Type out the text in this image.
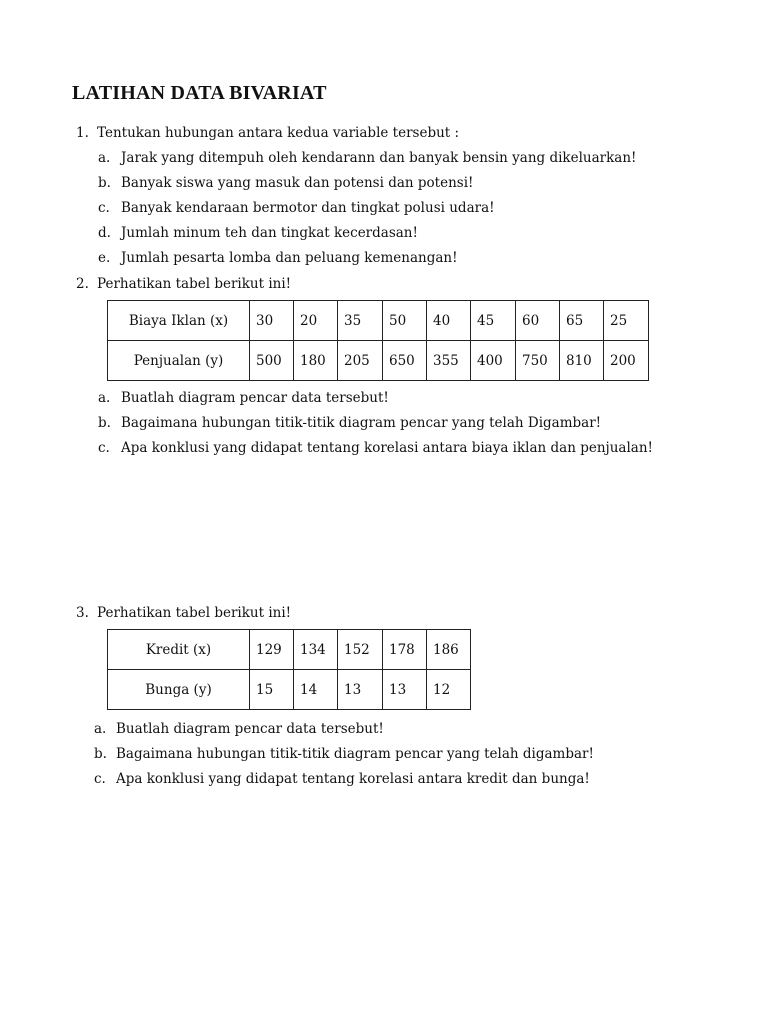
LATIHAN DATA BIVARIAT
1. Tentukan hubungan antara kedua variable tersebut :
a. Jarak yang ditempuh oleh kendarann dan banyak bensin yang dikeluarkan!
b. Banyak siswa yang masuk dan potensi dan potensi!
c. Banyak kendaraan bermotor dan tingkat polusi udara!
d. Jumlah minum teh dan tingkat kecerdasan!
e. Jumlah pesarta lomba dan peluang kemenangan!
2. Perhatikan tabel berikut ini!
Biaya Iklan (x)	30	20	35	50	40	45	60	65	25
Penjualan (y)	500	180	205	650	355	400	750	810	200
a. Buatlah diagram pencar data tersebut!
b. Bagaimana hubungan titik-titik diagram pencar yang telah Digambar!
c. Apa konklusi yang didapat tentang korelasi antara biaya iklan dan penjualan!
3. Perhatikan tabel berikut ini!
Kredit (x)	129	134	152	178	186
Bunga (y)	15	14	13	13	12
a. Buatlah diagram pencar data tersebut!
b. Bagaimana hubungan titik-titik diagram pencar yang telah digambar!
c. Apa konklusi yang didapat tentang korelasi antara kredit dan bunga!
